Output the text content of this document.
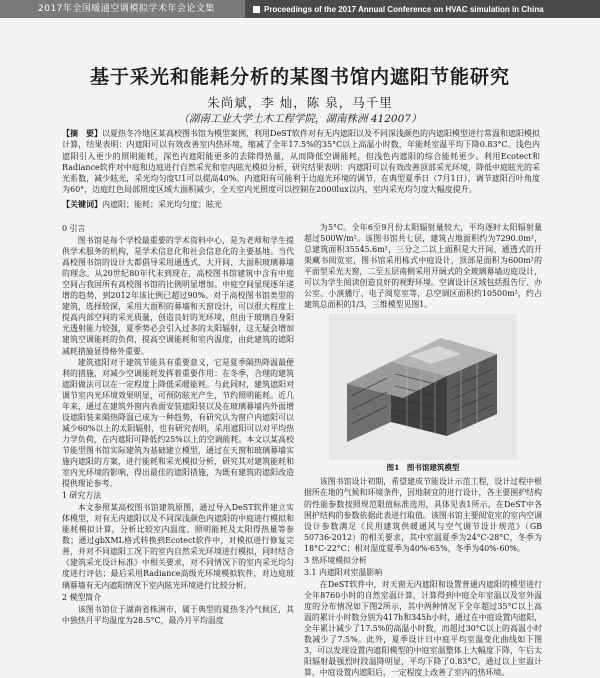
2017年全国暖通空调模拟学术年会论文集	Proceedings of the 2017 Annual Conference on HVAC simulation in China
基于采光和能耗分析的某图书馆内遮阳节能研究
朱尚斌，李 灿，陈 泉，马千里
（湖南工业大学土木工程学院，湖南株洲 412007）
【摘　要】以夏热冬冷地区某高校图书馆为模型案例，利用DeST软件对有无内遮阳以及不同深浅颜色的内遮阳模型进行常温和遮阳模拟计算，结果表明：内遮阳可以有效改善室内热环境，缩减了全年17.5%的35°C以上高温小时数，年能耗室温平均下降0.83°C。浅色内遮阳引入更少的照明能耗，深色内遮阳能更多的去除得热量，从而降低空调能耗，但浅色内遮阳的综合能耗更少。利用Ecotect和Radiance软件对中庭和边庭进行自然采光和室内眩光模拟分析，研究结果表明：内遮阳可以有效改善顶部采光环境，降低中庭眩光的采光系数，减少眩光，采光均匀度U1可以提高40%。内遮阳有可能利于边庭光环境的调节，在典型夏季日（7月1日），调节遮阳百叶角度为60°，边庭红色局部照度区域大面积减少，全天室内光照度可以控制在2000lux以内，室内采光均匀度大幅度提升。
【关键词】内遮阳；能耗；采光均匀度；眩光

0 引言

图书馆是每个学校最重要的学术资料中心，是为老师和学生提供学术服务的机构，是学术信息化和社会信息化的主要基地。当代高校图书馆的设计大都倡导采用通透式、大开间、大面积玻璃幕墙的理念。从20世纪80年代末到现在，高校图书馆建筑中含有中庭空间占我国所有高校图书馆的比例明显增加。中庭空间显现逐年递增的趋势，到2012年该比例已超过90%。对于高校图书馆类型的建筑，选择较深，采用大面积的幕墙和天窗设计，可以很大程度上提高内部空间的采光质量，创造良好的光环境，但由于玻璃自身阳光透射能力较强，夏季势必会引入过多的太阳辐射，这无疑会增加建筑空调能耗的负荷，提高空调能耗和室内温度，由此建筑的遮阳减耗措施显得格外重要。

建筑遮阳对于建筑节能具有重要意义，它是夏季隔热降温最便利的措施，对减少空调能耗发挥着重要作用：在冬季，合理的建筑遮阳做法可以在一定程度上降低采暖能耗。与此同时，建筑遮阳对调节室内光环境效果明显，可预防眩光产生，节约照明能耗。近几年来，通过在建筑外窗内表面安装遮阳装以及在玻璃幕墙内外面增设遮阳装来隔热降温已成为一种趋势，有研究认为窗户内遮阳可以减少60%以上的太阳辐射，也有研究表明，采用遮阳可以对平均热力学负荷，在内遮阳可降低约25%以上的空调能耗。本文以某高校节能型图书馆实际建筑为基础建立模型，通过在天窗和玻璃幕墙实施内遮阳的方案，进行能耗和采光模拟分析，研究其对建筑能耗和室内光环境的影响，得出最佳的遮阳措施，为既有建筑的遮阳改造提供理论参考。

1 研究方法

本文参照某高校图书馆建筑原图，通过导入DeST软件建立实体模型，对有无内遮阳以及不同深浅颜色内遮阳的中庭进行模拟和能耗模拟计算，分析比较室内温度、照明能耗及太阳得热量等参数；通过gbXML格式转换到Ecotect软件中，对模拟进行修复完善，并对不同遮阳工况下的室内自然采光环境进行模拟，同时结合《建筑采光设计标准》中相关要求，对不同情况下的室内采光均匀度进行评估；最后采用Radiance高级光环境模拟软件，对边庭玻璃幕墙有无内遮阳情况下室内眩光环境进行比较分析。

2 模型简介

该图书馆位于湖南省株洲市，属于典型的夏热冬冷气候区，其中独热月平均温度为28.5°C，最冷月平均温度

为5°C。全年6至9月份太阳辐射量较大，平均逐时太阳辐射量超过500W/m²。该图书馆共七层，建筑占地面积约为7290.0m²，总建筑面积35545.6m²，三分之二以上面积是大开间、通透式的开架藏书阅览室，图书馆采用栋式中庭设计，顶部是面积为600m²的平面型采光天窗，二至五层南侧采用开阔式的全玻璃幕墙边庭设计，可以为学生阅读创造良好的视野环境。空调设计区域包括报告厅、办公室、小演播厅、电子阅览室等，总空调区面积约10500m²，约占建筑总面积的1/3，三维模型见图1。

图1　图书馆建筑模型

该图书馆设计初期，希望建成节能设计示范工程，设计过程中根据所在地的气候和环境条件，因地制宜的进行设计，各主要围护结构的性能参数按照规范限值标准选用，具体见表1所示，在DeST中各围护结构的参数依据此表进行取值。该图书馆主要阅览室的室内空调设计参数满足《民用建筑供暖通风与空气调节设计规范》（GB 50736-2012）的相关要求，其中室温夏季为24°C-28°C，冬季为18°C-22°C；相对湿度夏季为40%-65%，冬季为40%-60%。

3 热环境模拟分析

3.1 内遮阳对室温影响

在DeST软件中，对天窗无内遮阳和设置普通内遮阳的模型进行全年8760小时的自然室温计算，计算得到中庭全年室温以及室外温度的分布情况如下图2所示，其中两种情况下全年超过35°C以上高温的累计小时数分别为417h和345h小时，通过在中庭设置内遮阳，全年累计减少了17.5%的高温小时数，而超过30°C以上的高温小时数减少了7.5%。此外，夏季设计日中庭平均室温变化曲线如下图3，可以发现设置内遮阳模型的中庭室温整体上大幅度下降，午后太阳辐射最强烈时段温降明显，平均下降了0.83°C。通过以上室温计算，中庭设置内遮阳后，一定程度上改善了室内的热环境。
